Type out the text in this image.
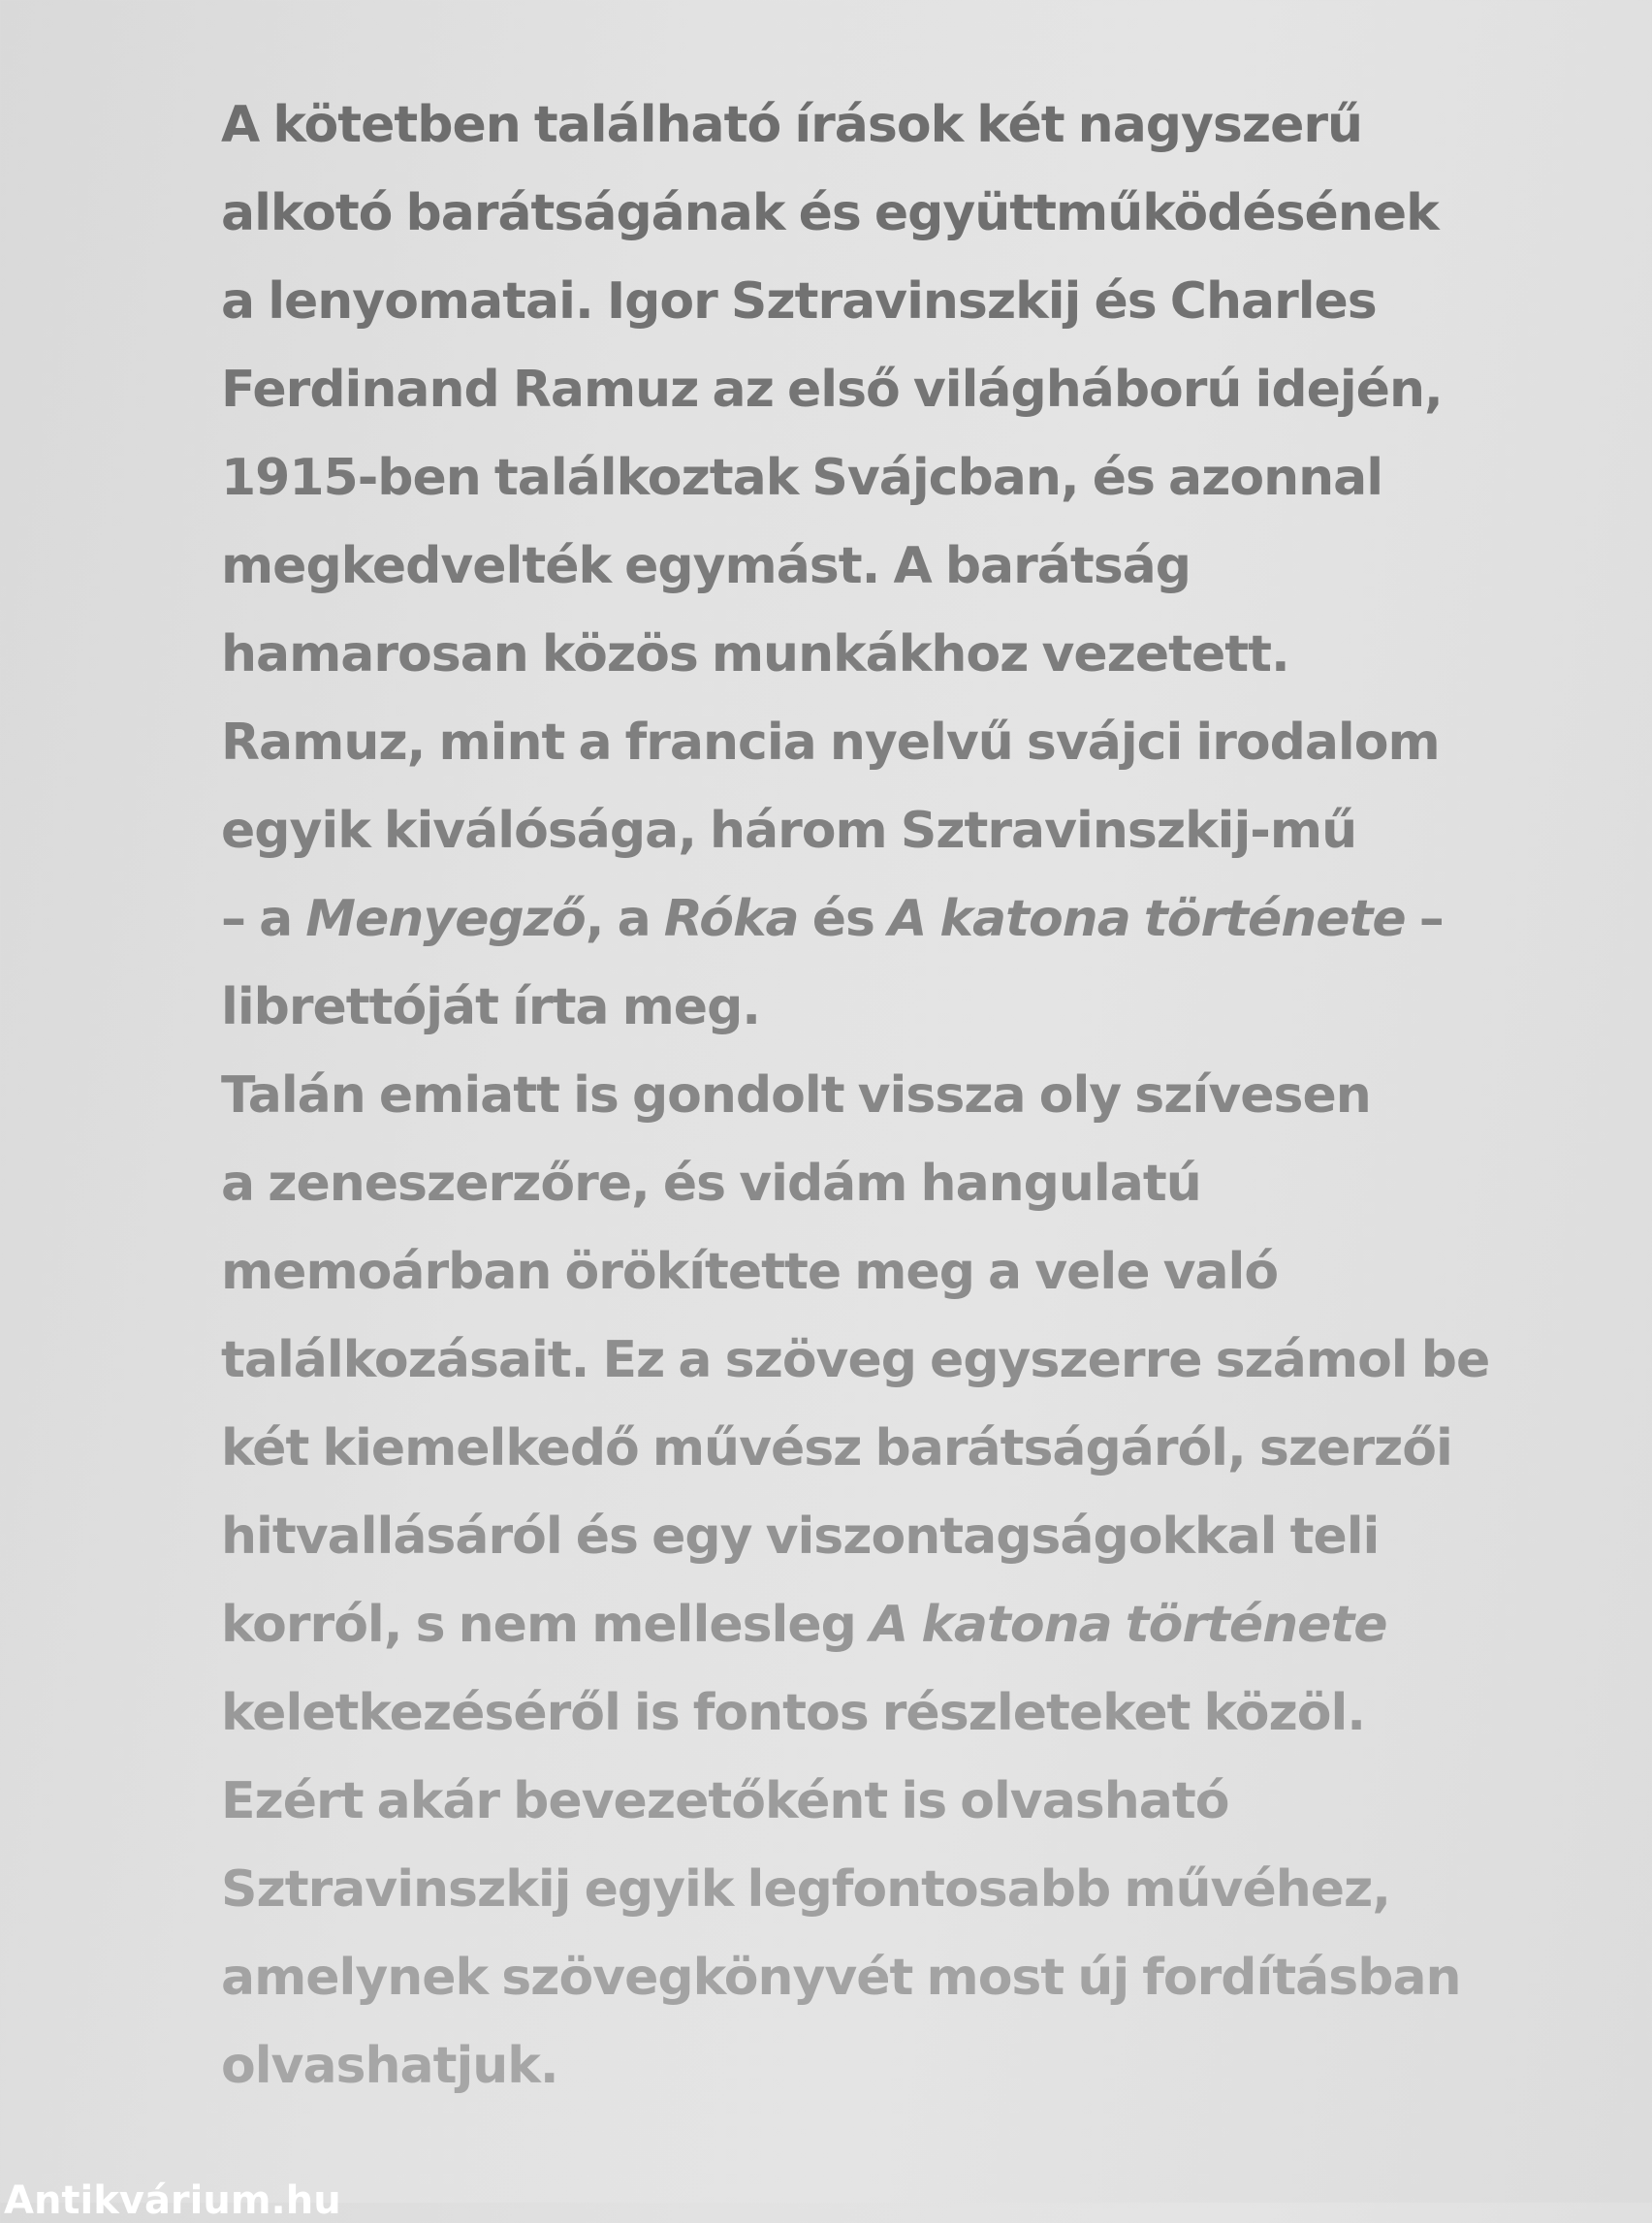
A kötetben található írások két nagyszerű
alkotó barátságának és együttműködésének
a lenyomatai. Igor Sztravinszkij és Charles
Ferdinand Ramuz az első világháború idején,
1915-ben találkoztak Svájcban, és azonnal
megkedvelték egymást. A barátság
hamarosan közös munkákhoz vezetett.
Ramuz, mint a francia nyelvű svájci irodalom
egyik kiválósága, három Sztravinszkij-mű
– a Menyegző, a Róka és A katona története –
librettóját írta meg.
Talán emiatt is gondolt vissza oly szívesen
a zeneszerzőre, és vidám hangulatú
memoárban örökítette meg a vele való
találkozásait. Ez a szöveg egyszerre számol be
két kiemelkedő művész barátságáról, szerzői
hitvallásáról és egy viszontagságokkal teli
korról, s nem mellesleg A katona története
keletkezéséről is fontos részleteket közöl.
Ezért akár bevezetőként is olvasható
Sztravinszkij egyik legfontosabb művéhez,
amelynek szövegkönyvét most új fordításban
olvashatjuk.
Antikvárium.hu
